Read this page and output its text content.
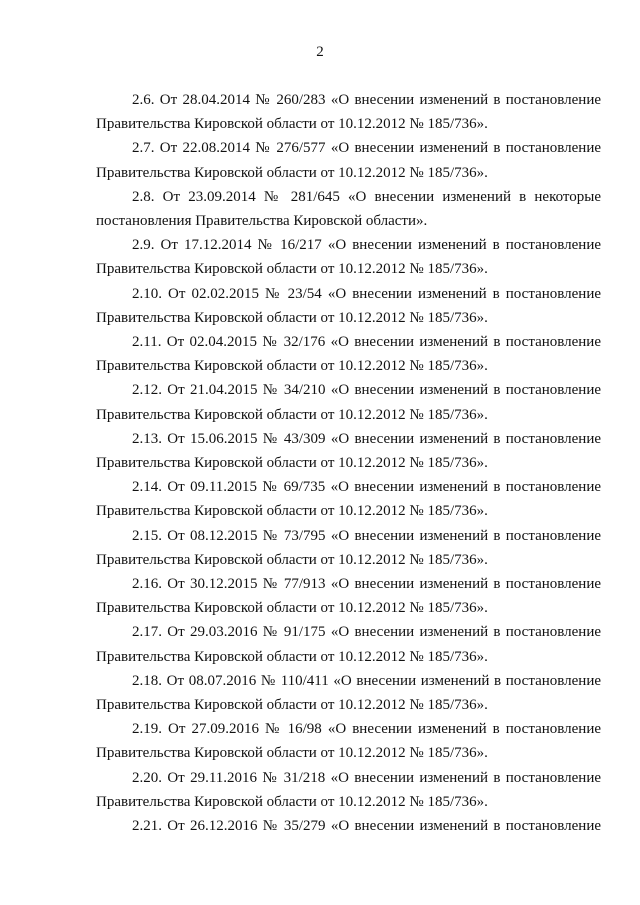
2

2.6. От 28.04.2014 № 260/283 «О внесении изменений в постановление
Правительства Кировской области от 10.12.2012 № 185/736».

2.7. От 22.08.2014 № 276/577 «О внесении изменений в постановление
Правительства Кировской области от 10.12.2012 № 185/736».

2.8. От 23.09.2014 № 281/645 «О внесении изменений в некоторые
постановления Правительства Кировской области».

2.9. От 17.12.2014 № 16/217 «О внесении изменений в постановление
Правительства Кировской области от 10.12.2012 № 185/736».

2.10. От 02.02.2015 № 23/54 «О внесении изменений в постановление
Правительства Кировской области от 10.12.2012 № 185/736».

2.11. От 02.04.2015 № 32/176 «О внесении изменений в постановление
Правительства Кировской области от 10.12.2012 № 185/736».

2.12. От 21.04.2015 № 34/210 «О внесении изменений в постановление
Правительства Кировской области от 10.12.2012 № 185/736».

2.13. От 15.06.2015 № 43/309 «О внесении изменений в постановление
Правительства Кировской области от 10.12.2012 № 185/736».

2.14. От 09.11.2015 № 69/735 «О внесении изменений в постановление
Правительства Кировской области от 10.12.2012 № 185/736».

2.15. От 08.12.2015 № 73/795 «О внесении изменений в постановление
Правительства Кировской области от 10.12.2012 № 185/736».

2.16. От 30.12.2015 № 77/913 «О внесении изменений в постановление
Правительства Кировской области от 10.12.2012 № 185/736».

2.17. От 29.03.2016 № 91/175 «О внесении изменений в постановление
Правительства Кировской области от 10.12.2012 № 185/736».

2.18. От 08.07.2016 № 110/411 «О внесении изменений в постановление
Правительства Кировской области от 10.12.2012 № 185/736».

2.19. От 27.09.2016 № 16/98 «О внесении изменений в постановление
Правительства Кировской области от 10.12.2012 № 185/736».

2.20. От 29.11.2016 № 31/218 «О внесении изменений в постановление
Правительства Кировской области от 10.12.2012 № 185/736».

2.21. От 26.12.2016 № 35/279 «О внесении изменений в постановление
